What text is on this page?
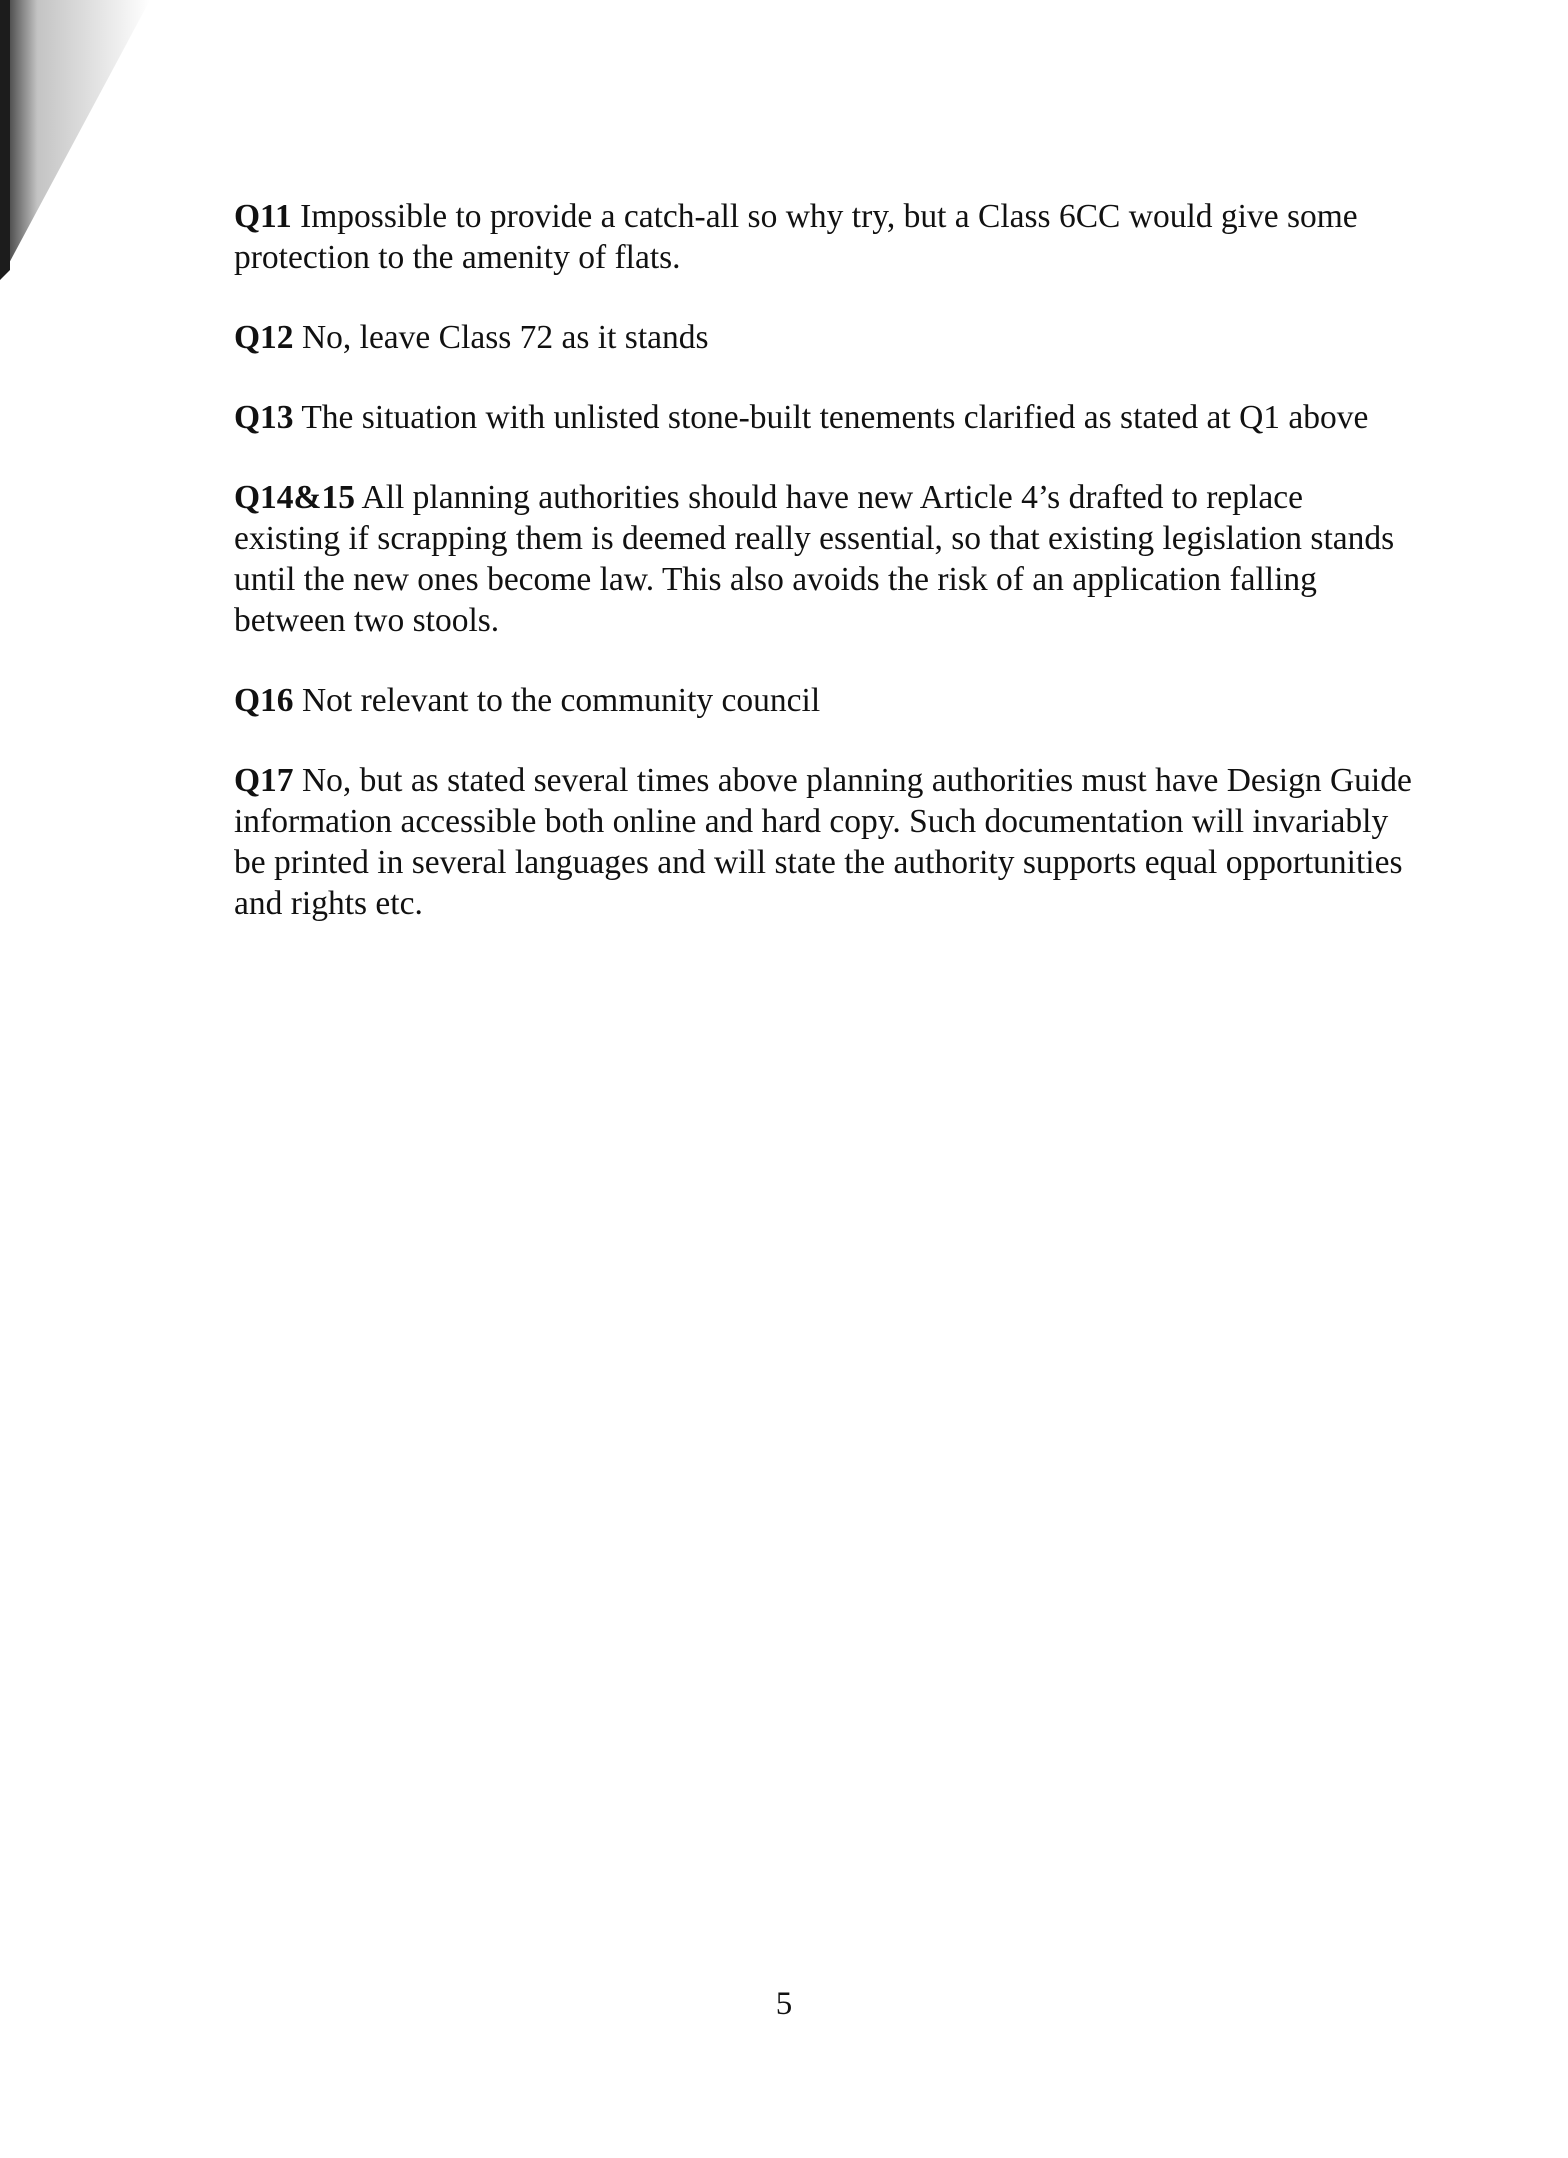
Q11 Impossible to provide a catch-all so why try, but a Class 6CC would give some protection to the amenity of flats.

Q12 No, leave Class 72 as it stands

Q13 The situation with unlisted stone-built tenements clarified as stated at Q1 above

Q14&15 All planning authorities should have new Article 4’s drafted to replace existing if scrapping them is deemed really essential, so that existing legislation stands until the new ones become law. This also avoids the risk of an application falling between two stools.

Q16 Not relevant to the community council

Q17 No, but as stated several times above planning authorities must have Design Guide information accessible both online and hard copy. Such documentation will invariably be printed in several languages and will state the authority supports equal opportunities and rights etc.

5
